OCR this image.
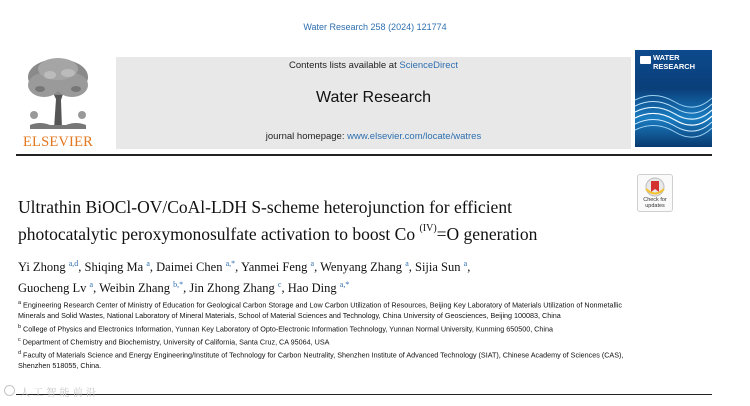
Water Research 258 (2024) 121774
ELSEVIER
Contents lists available at ScienceDirect
Water Research
journal homepage: www.elsevier.com/locate/watres
WATER
RESEARCH
Check for
updates
Ultrathin BiOCl-OV/CoAl-LDH S-scheme heterojunction for efficient
photocatalytic peroxymonosulfate activation to boost Co $^{(IV)}$=O generation
Yi Zhong $^{a,d}$, Shiqing Ma $^a$, Daimei Chen $^{a,*}$, Yanmei Feng $^a$, Wenyang Zhang $^a$, Sijia Sun $^a$,
Guocheng Lv $^a$, Weibin Zhang $^{b,*}$, Jin Zhong Zhang $^c$, Hao Ding $^{a,*}$
$^a$ Engineering Research Center of Ministry of Education for Geological Carbon Storage and Low Carbon Utilization of Resources, Beijing Key Laboratory of Materials Utilization of Nonmetallic Minerals and Solid Wastes, National Laboratory of Mineral Materials, School of Material Sciences and Technology, China University of Geosciences, Beijing 100083, China
$^b$ College of Physics and Electronics Information, Yunnan Key Laboratory of Opto-Electronic Information Technology, Yunnan Normal University, Kunming 650500, China
$^c$ Department of Chemistry and Biochemistry, University of California, Santa Cruz, CA 95064, USA
$^d$ Faculty of Materials Science and Energy Engineering/Institute of Technology for Carbon Neutrality, Shenzhen Institute of Advanced Technology (SIAT), Chinese Academy of Sciences (CAS), Shenzhen 518055, China.
人 工 智 能 前 沿
